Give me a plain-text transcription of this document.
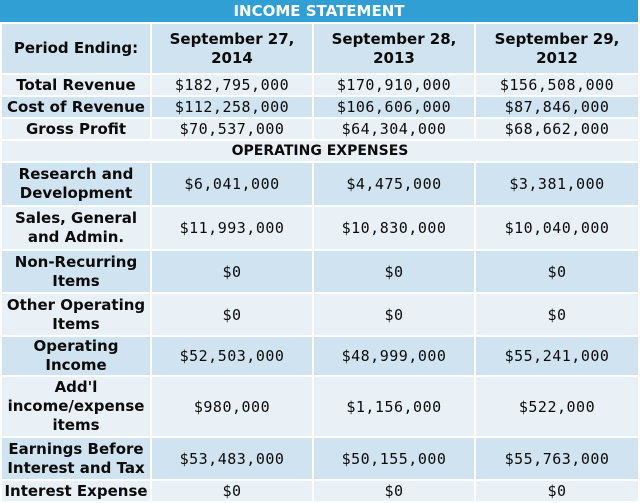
INCOME STATEMENT
Period Ending:	September 27, 2014	September 28, 2013	September 29, 2012
Total Revenue	$182,795,000	$170,910,000	$156,508,000
Cost of Revenue	$112,258,000	$106,606,000	$87,846,000
Gross Profit	$70,537,000	$64,304,000	$68,662,000
OPERATING EXPENSES			
Research and Development	$6,041,000	$4,475,000	$3,381,000
Sales, General and Admin.	$11,993,000	$10,830,000	$10,040,000
Non-Recurring Items	$0	$0	$0
Other Operating Items	$0	$0	$0
Operating Income	$52,503,000	$48,999,000	$55,241,000
Add'l income/expense items	$980,000	$1,156,000	$522,000
Earnings Before Interest and Tax	$53,483,000	$50,155,000	$55,763,000
Interest Expense	$0	$0	$0
